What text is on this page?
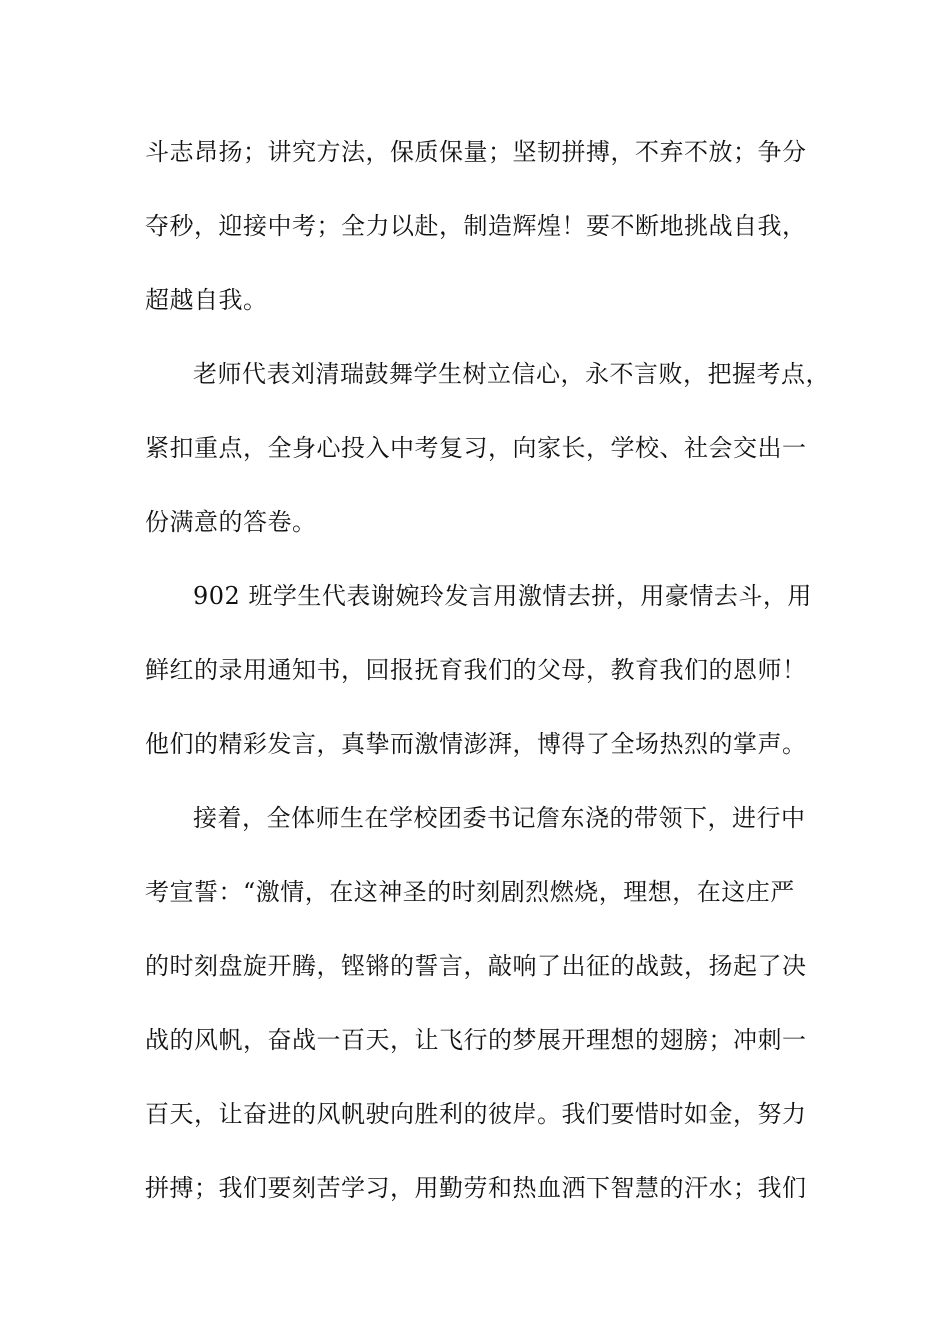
斗志昂扬；讲究方法，保质保量；坚韧拼搏，不弃不放；争分
夺秒，迎接中考；全力以赴，制造辉煌！要不断地挑战自我，
超越自我。
老师代表刘清瑞鼓舞学生树立信心，永不言败，把握考点，
紧扣重点，全身心投入中考复习，向家长，学校、社会交出一
份满意的答卷。
902 班学生代表谢婉玲发言用激情去拼，用豪情去斗，用
鲜红的录用通知书，回报抚育我们的父母，教育我们的恩师！
他们的精彩发言，真挚而激情澎湃，博得了全场热烈的掌声。
接着，全体师生在学校团委书记詹东浇的带领下，进行中
考宣誓：“激情，在这神圣的时刻剧烈燃烧，理想，在这庄严
的时刻盘旋开腾，铿锵的誓言，敲响了出征的战鼓，扬起了决
战的风帆，奋战一百天，让飞行的梦展开理想的翅膀；冲刺一
百天，让奋进的风帆驶向胜利的彼岸。我们要惜时如金，努力
拼搏；我们要刻苦学习，用勤劳和热血洒下智慧的汗水；我们
